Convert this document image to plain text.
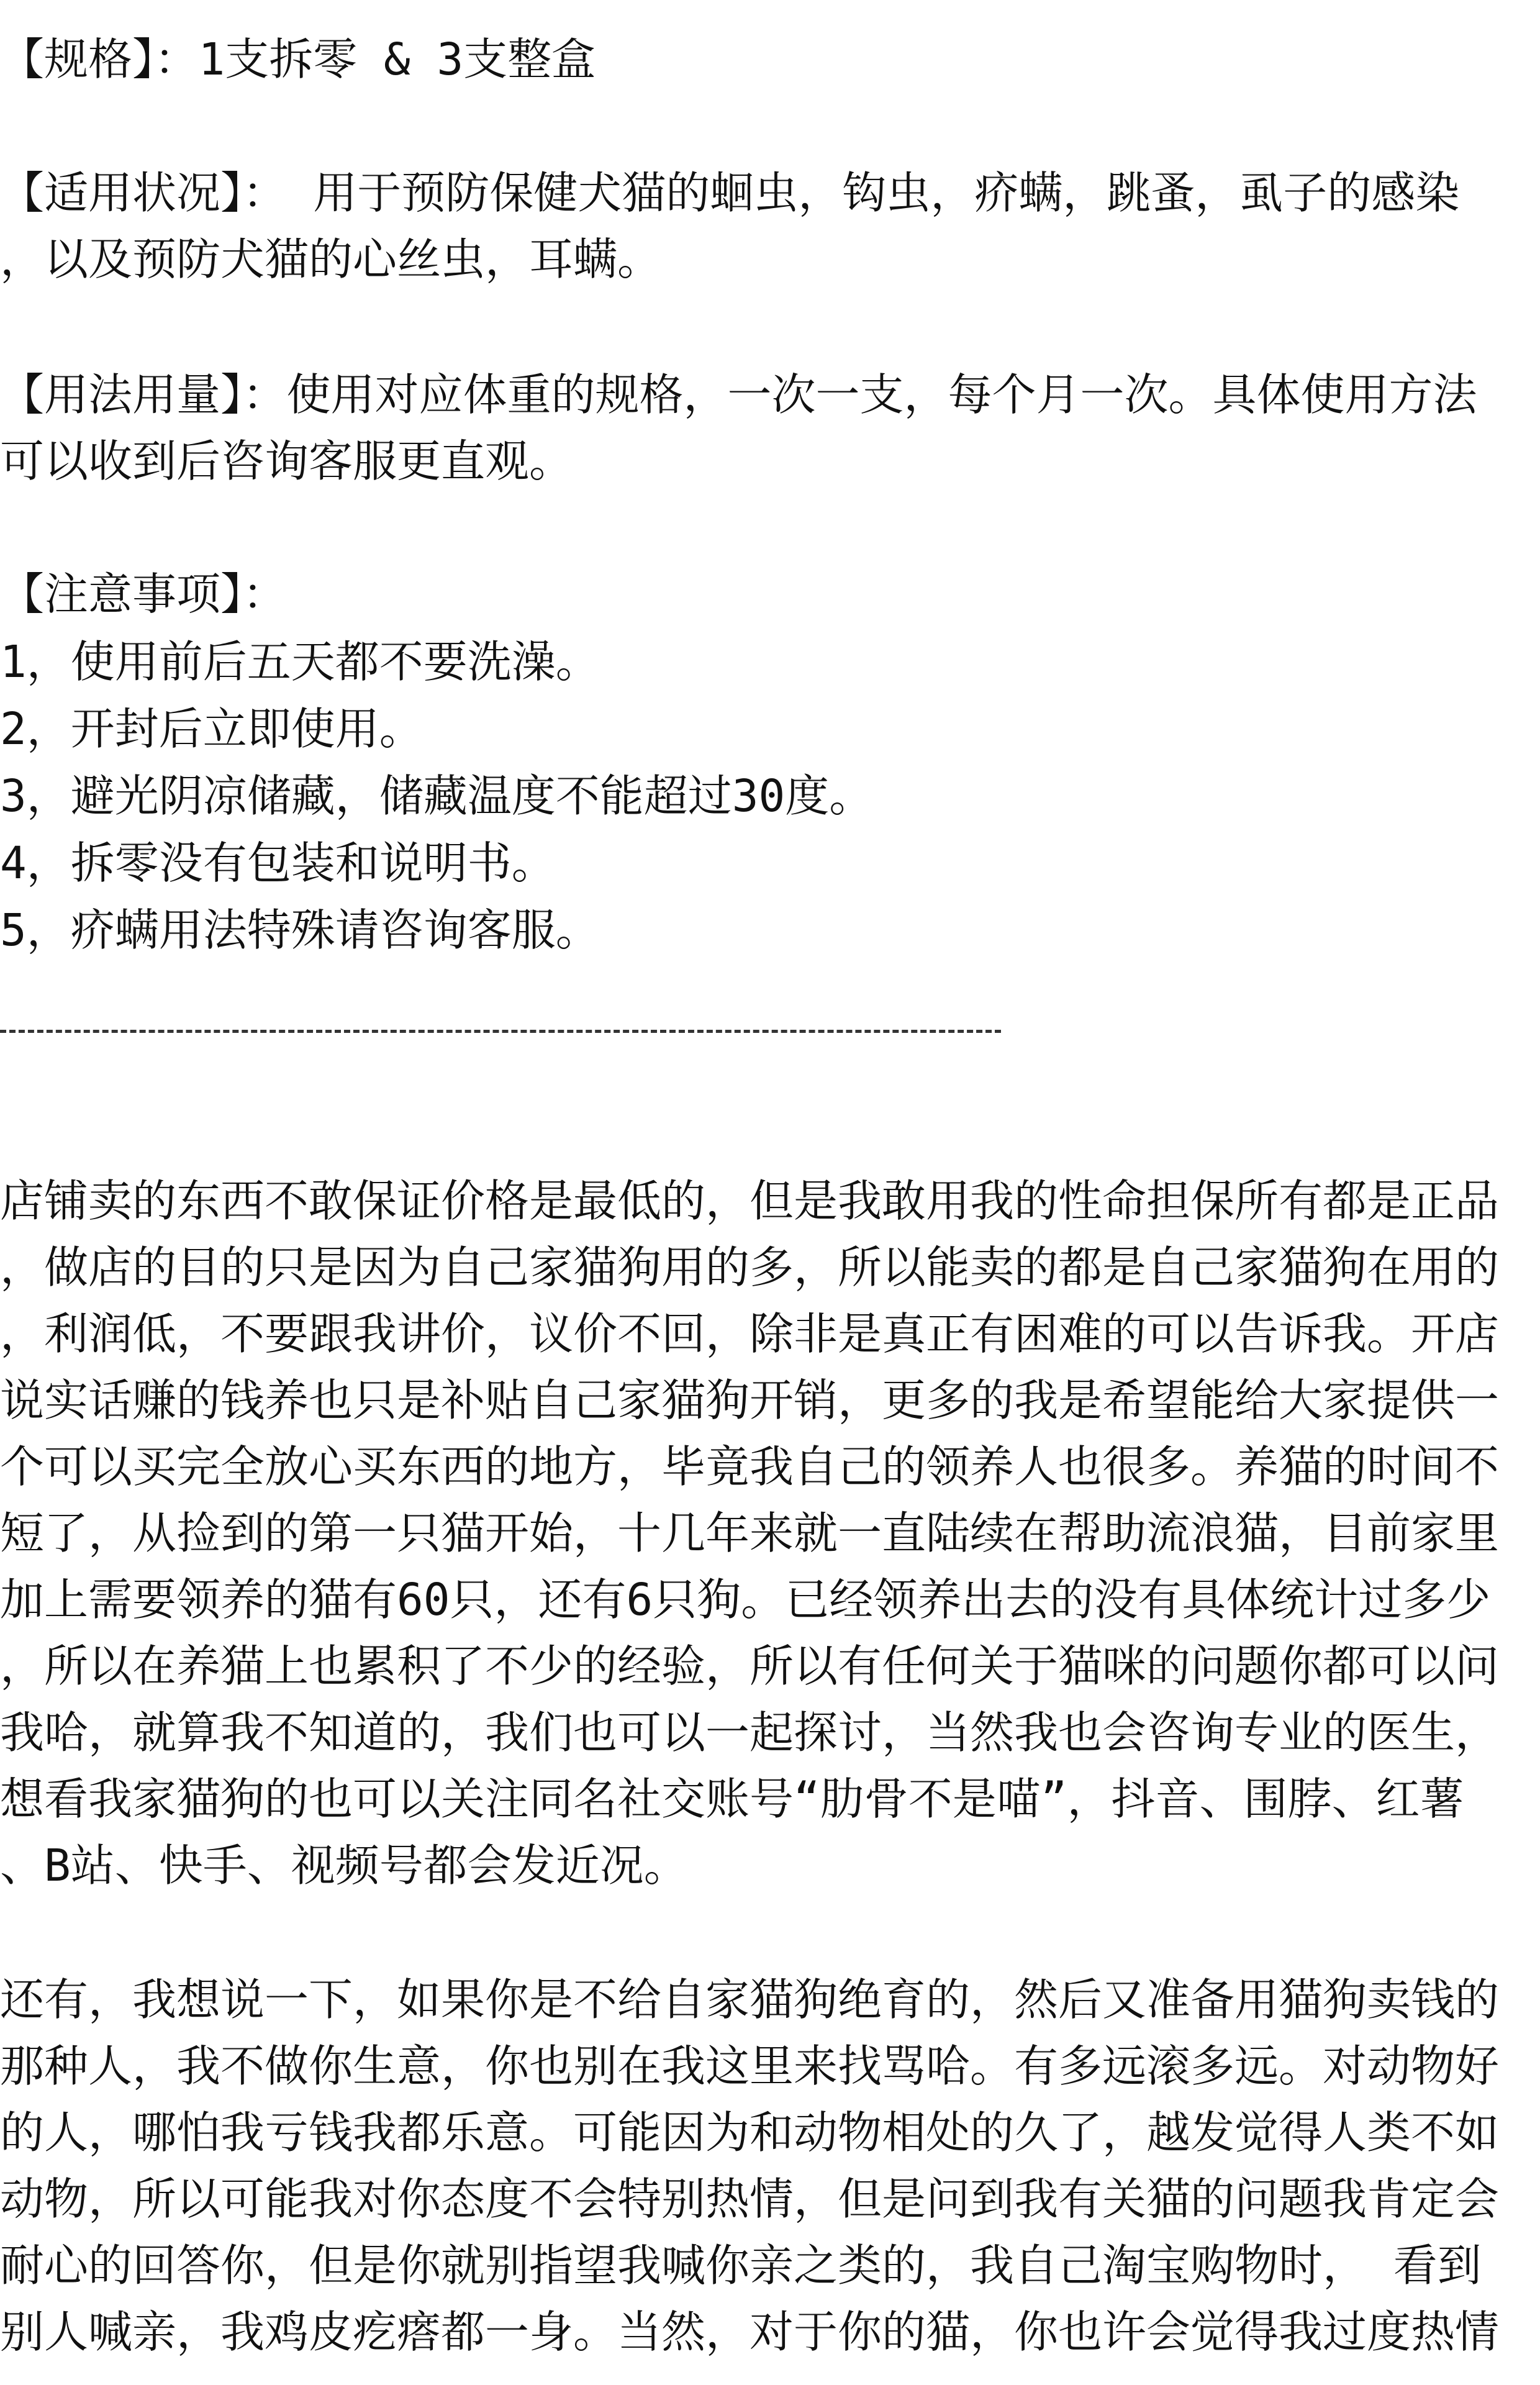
【规格】：1支拆零 & 3支整盒
【适用状况】： 用于预防保健犬猫的蛔虫，钩虫，疥螨，跳蚤，虱子的感染
，以及预防犬猫的心丝虫，耳螨。
【用法用量】：使用对应体重的规格，一次一支，每个月一次。具体使用方法
可以收到后咨询客服更直观。
【注意事项】：
1，使用前后五天都不要洗澡。
2，开封后立即使用。
3，避光阴凉储藏，储藏温度不能超过30度。
4，拆零没有包装和说明书。
5，疥螨用法特殊请咨询客服。
店铺卖的东西不敢保证价格是最低的，但是我敢用我的性命担保所有都是正品
，做店的目的只是因为自己家猫狗用的多，所以能卖的都是自己家猫狗在用的
，利润低，不要跟我讲价，议价不回，除非是真正有困难的可以告诉我。开店
说实话赚的钱养也只是补贴自己家猫狗开销，更多的我是希望能给大家提供一
个可以买完全放心买东西的地方，毕竟我自己的领养人也很多。养猫的时间不
短了，从捡到的第一只猫开始，十几年来就一直陆续在帮助流浪猫，目前家里
加上需要领养的猫有60只，还有6只狗。已经领养出去的没有具体统计过多少
，所以在养猫上也累积了不少的经验，所以有任何关于猫咪的问题你都可以问
我哈，就算我不知道的，我们也可以一起探讨，当然我也会咨询专业的医生，
想看我家猫狗的也可以关注同名社交账号“肋骨不是喵”，抖音、围脖、红薯
、B站、快手、视频号都会发近况。
还有，我想说一下，如果你是不给自家猫狗绝育的，然后又准备用猫狗卖钱的
那种人，我不做你生意，你也别在我这里来找骂哈。有多远滚多远。对动物好
的人，哪怕我亏钱我都乐意。可能因为和动物相处的久了，越发觉得人类不如
动物，所以可能我对你态度不会特别热情，但是问到我有关猫的问题我肯定会
耐心的回答你，但是你就别指望我喊你亲之类的，我自己淘宝购物时， 看到
别人喊亲，我鸡皮疙瘩都一身。当然，对于你的猫，你也许会觉得我过度热情
